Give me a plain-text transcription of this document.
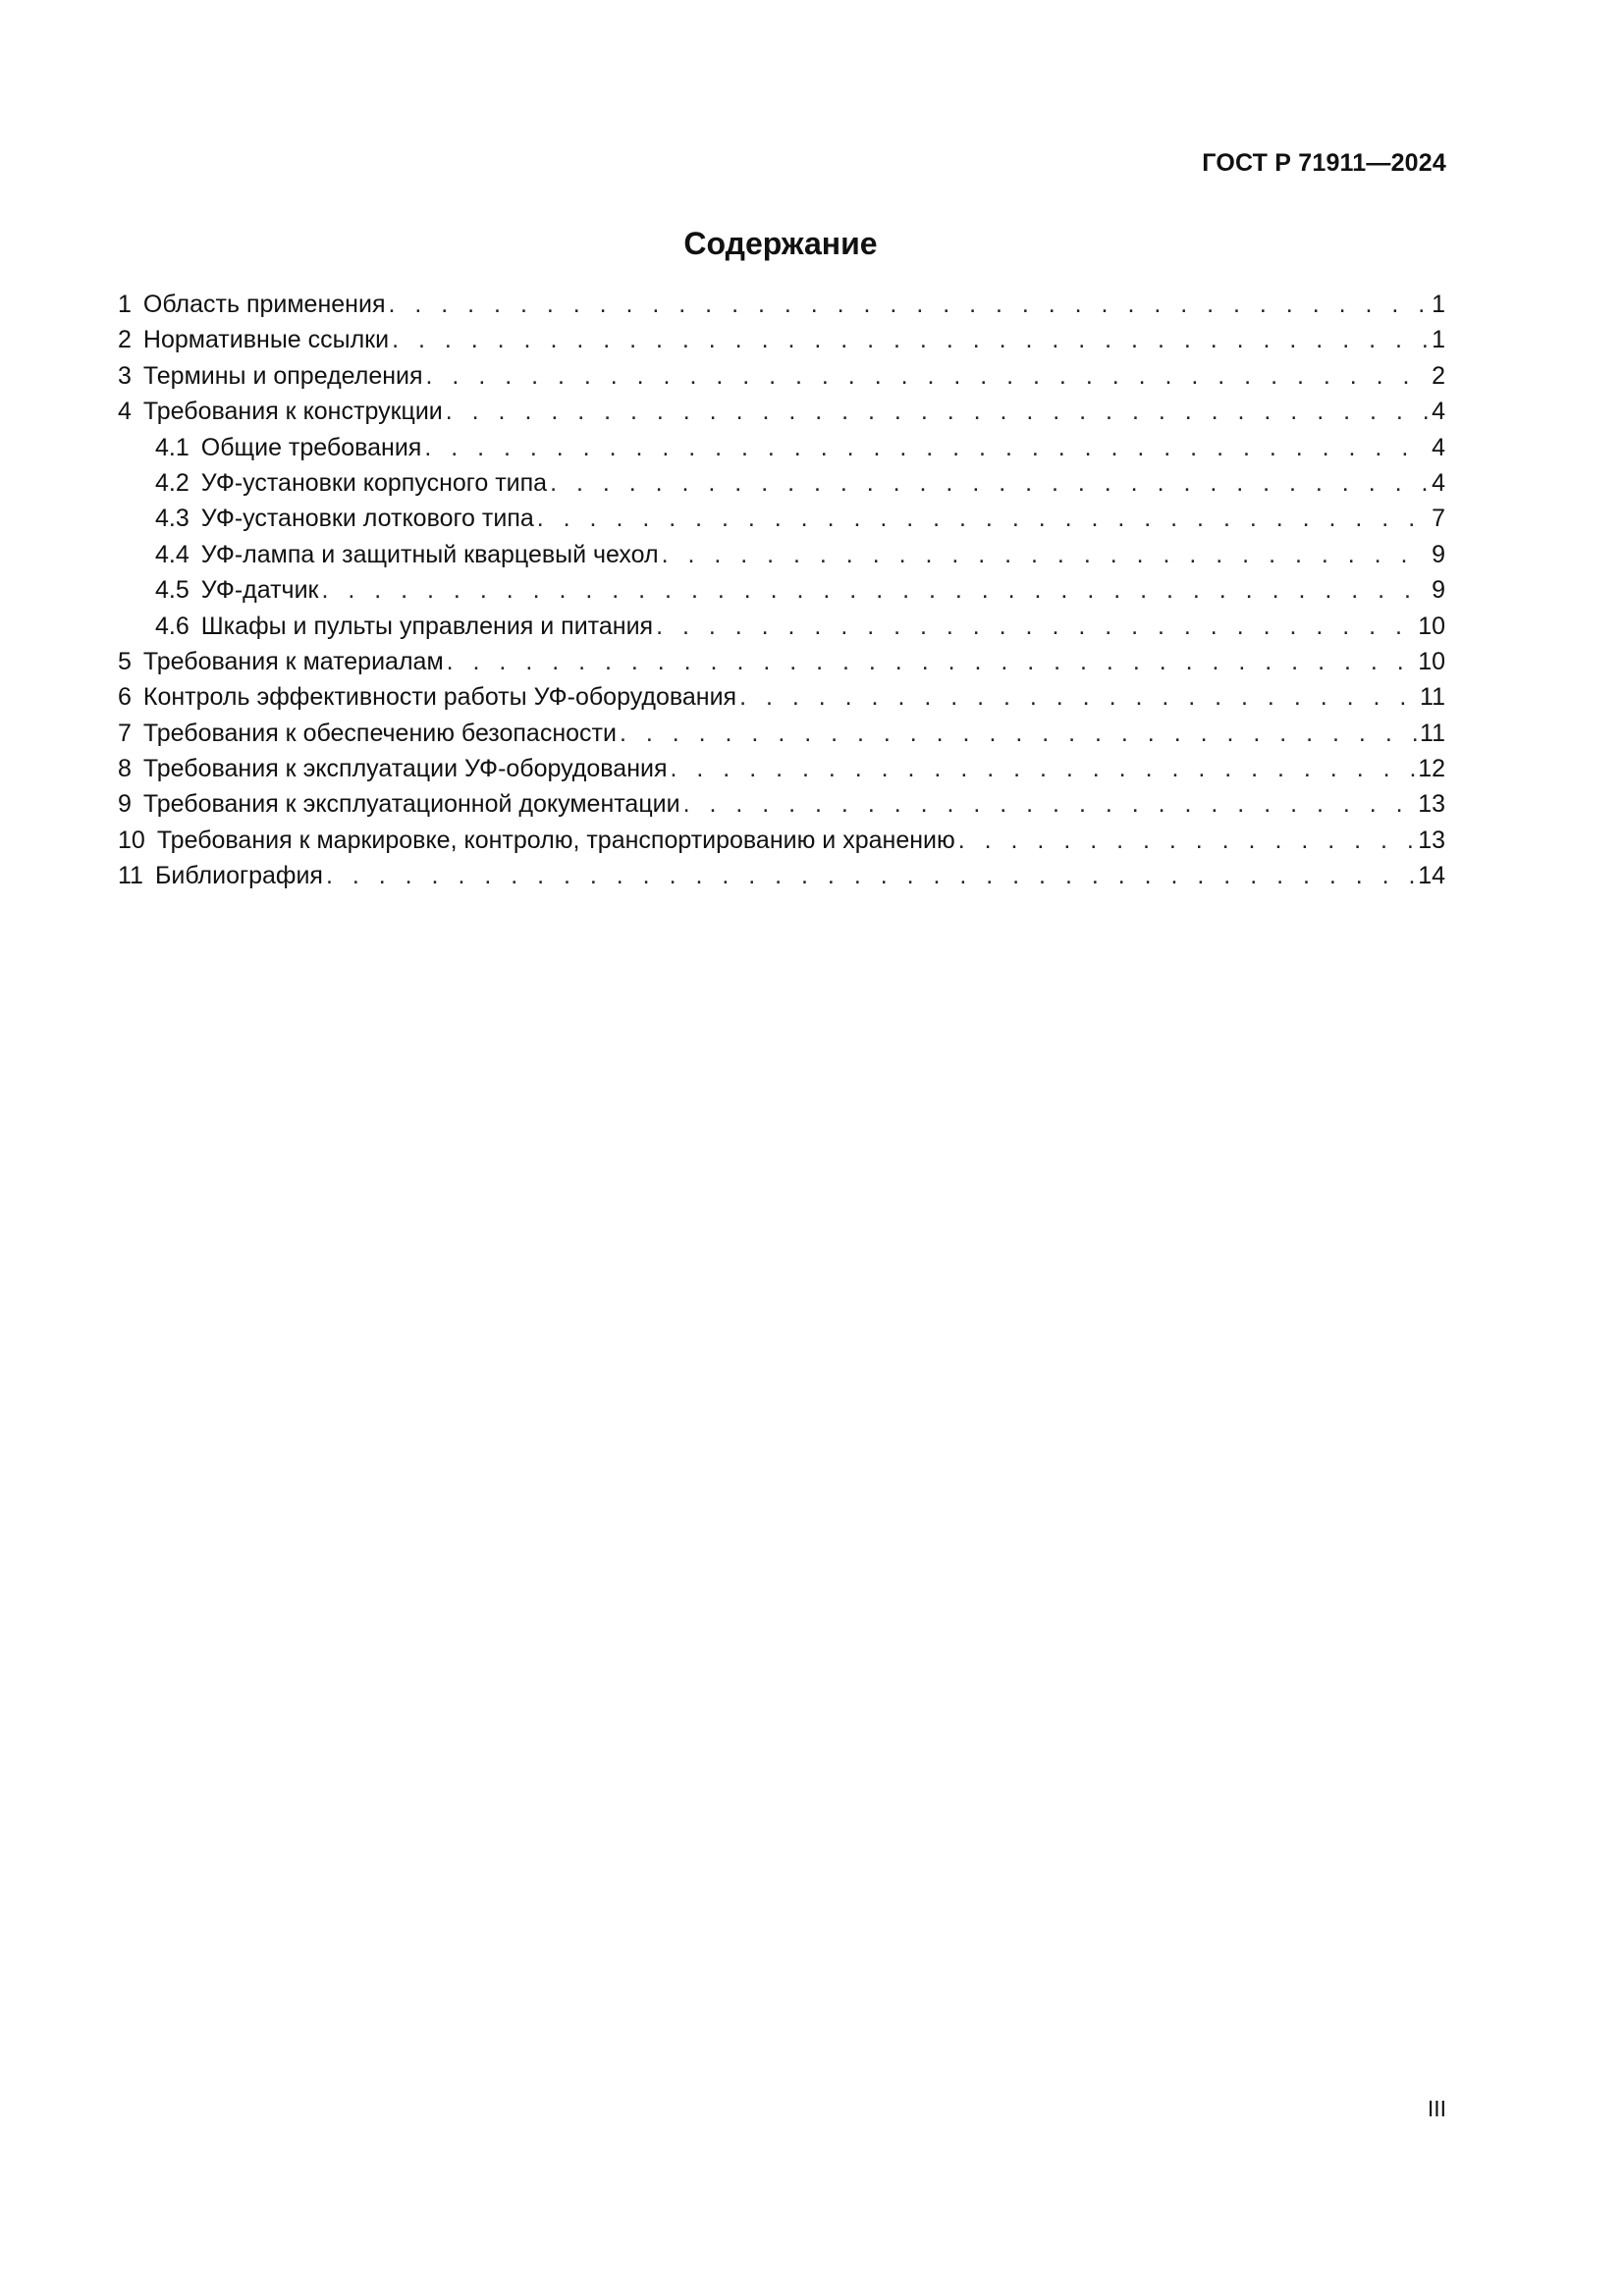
ГОСТ Р 71911—2024
Содержание
1 Область применения . . .	1
2 Нормативные ссылки . . .	1
3 Термины и определения . . .	2
4 Требования к конструкции . . .	4
4.1 Общие требования . . .	4
4.2 УФ-установки корпусного типа . . .	4
4.3 УФ-установки лоткового типа . . .	7
4.4 УФ-лампа и защитный кварцевый чехол . . .	9
4.5 УФ-датчик . . .	9
4.6 Шкафы и пульты управления и питания . . .	10
5 Требования к материалам . . .	10
6 Контроль эффективности работы УФ-оборудования . . .	11
7 Требования к обеспечению безопасности . . .	11
8 Требования к эксплуатации УФ-оборудования . . .	12
9 Требования к эксплуатационной документации . . .	13
10 Требования к маркировке, контролю, транспортированию и хранению . . .	13
11 Библиография . . .	14
III
